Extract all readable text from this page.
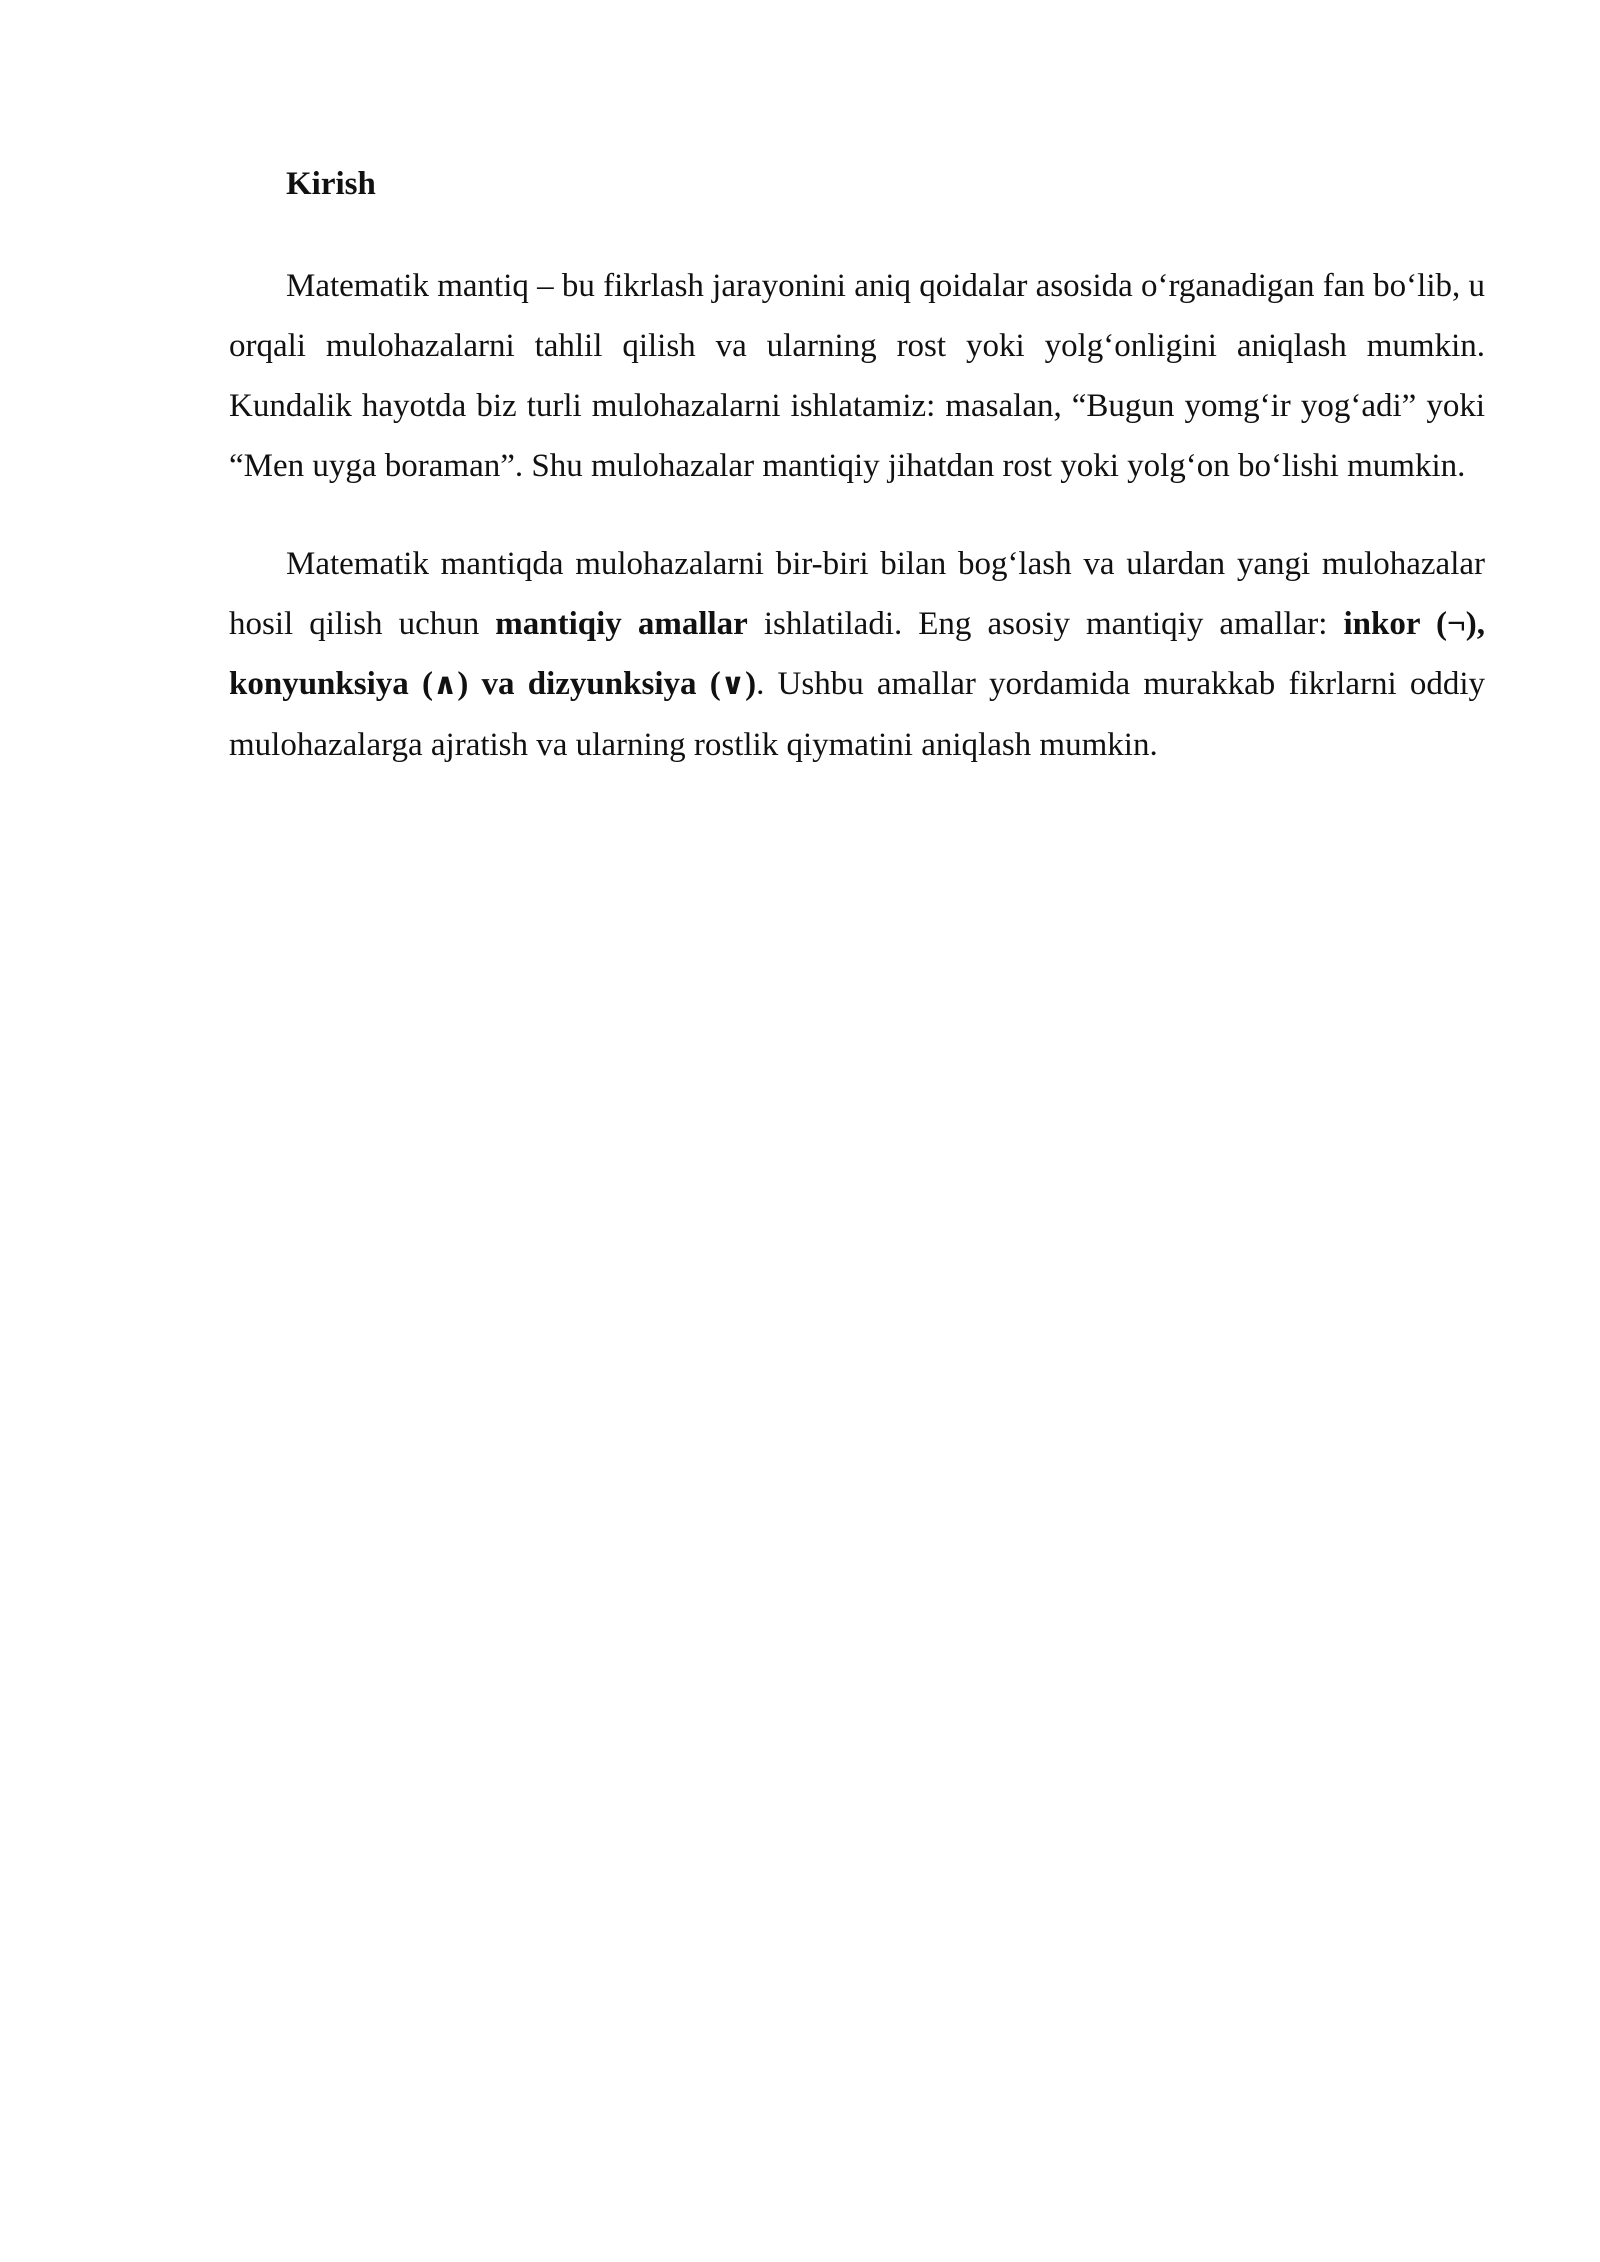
Kirish

Matematik mantiq – bu fikrlash jarayonini aniq qoidalar asosida o‘rganadigan fan bo‘lib, u orqali mulohazalarni tahlil qilish va ularning rost yoki yolg‘onligini aniqlash mumkin. Kundalik hayotda biz turli mulohazalarni ishlatamiz: masalan, “Bugun yomg‘ir yog‘adi” yoki “Men uyga boraman”. Shu mulohazalar mantiqiy jihatdan rost yoki yolg‘on bo‘lishi mumkin.

Matematik mantiqda mulohazalarni bir-biri bilan bog‘lash va ulardan yangi mulohazalar hosil qilish uchun mantiqiy amallar ishlatiladi. Eng asosiy mantiqiy amallar: inkor (¬), konyunksiya (∧) va dizyunksiya (∨). Ushbu amallar yordamida murakkab fikrlarni oddiy mulohazalarga ajratish va ularning rostlik qiymatini aniqlash mumkin.
